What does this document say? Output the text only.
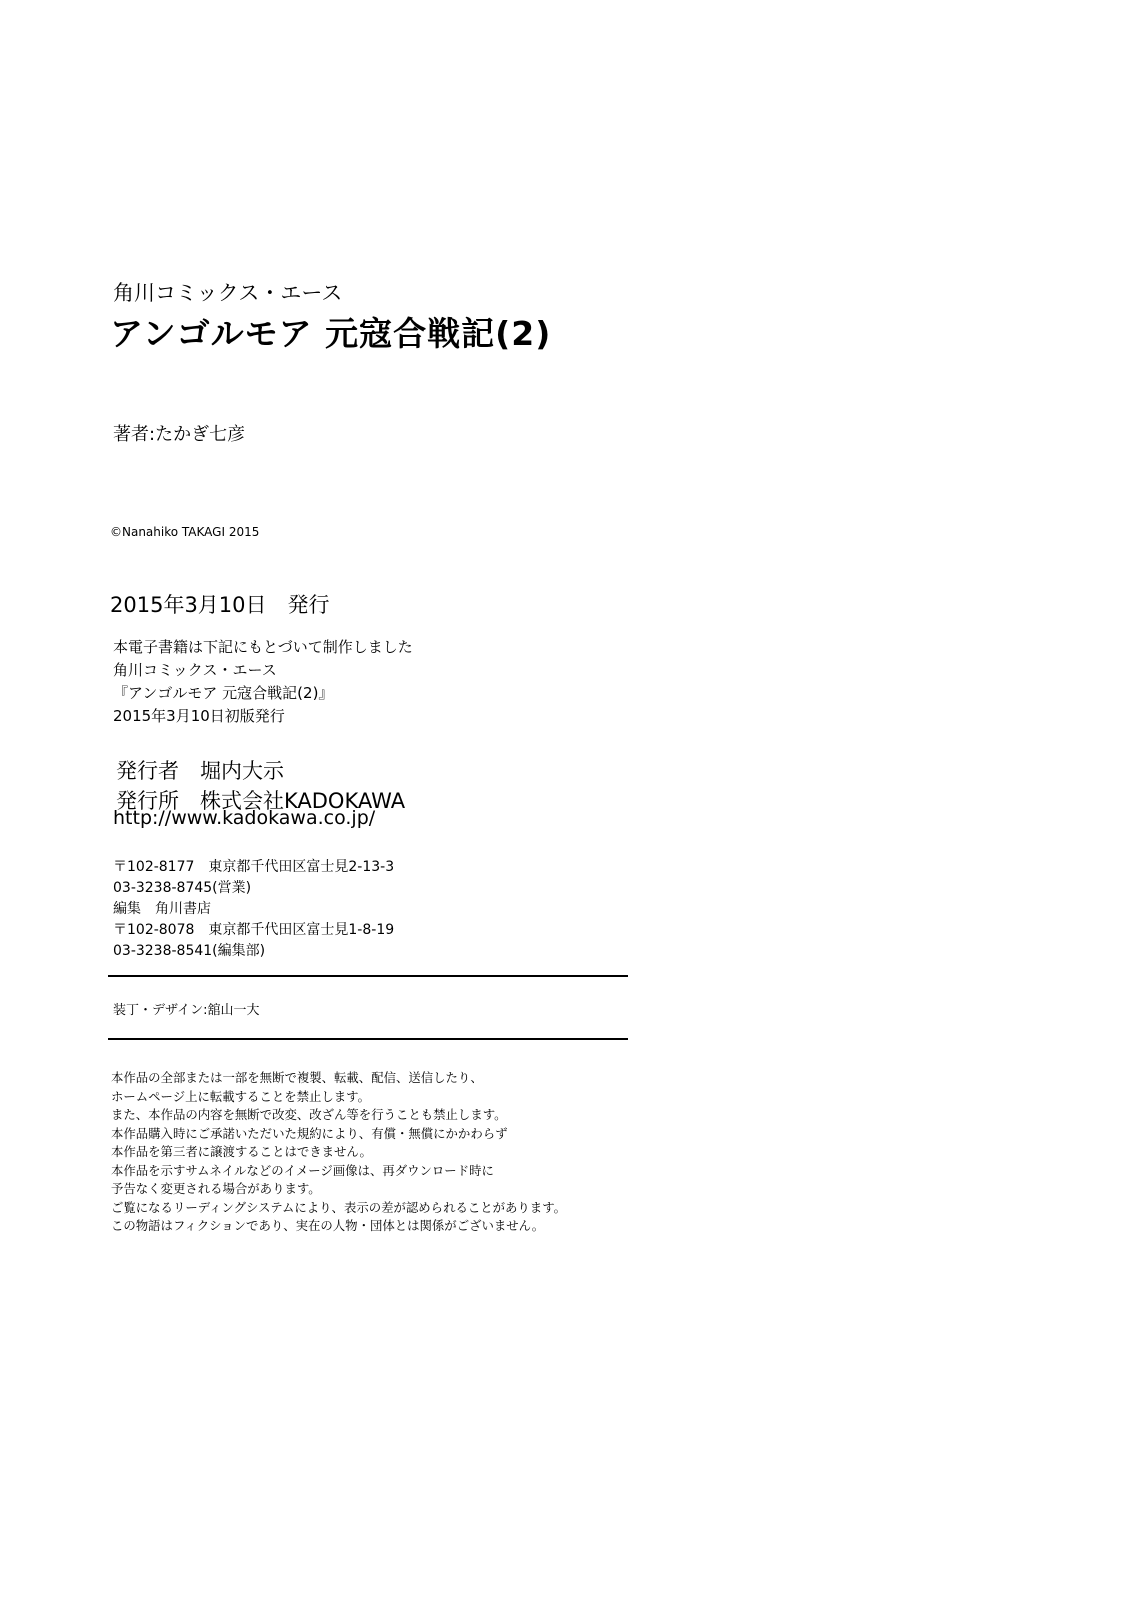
角川コミックス・エース
アンゴルモア 元寇合戦記(2)
著者:たかぎ七彦
©Nanahiko TAKAGI 2015
2015年3月10日　発行
本電子書籍は下記にもとづいて制作しました
角川コミックス・エース
『アンゴルモア 元寇合戦記(2)』
2015年3月10日初版発行
発行者　堀内大示
発行所　株式会社KADOKAWA
http://www.kadokawa.co.jp/
〒102-8177　東京都千代田区富士見2-13-3
03-3238-8745(営業)
編集　角川書店
〒102-8078　東京都千代田区富士見1-8-19
03-3238-8541(編集部)
装丁・デザイン:舘山一大
本作品の全部または一部を無断で複製、転載、配信、送信したり、
ホームページ上に転載することを禁止します。
また、本作品の内容を無断で改変、改ざん等を行うことも禁止します。
本作品購入時にご承諾いただいた規約により、有償・無償にかかわらず
本作品を第三者に譲渡することはできません。
本作品を示すサムネイルなどのイメージ画像は、再ダウンロード時に
予告なく変更される場合があります。
ご覧になるリーディングシステムにより、表示の差が認められることがあります。
この物語はフィクションであり、実在の人物・団体とは関係がございません。
